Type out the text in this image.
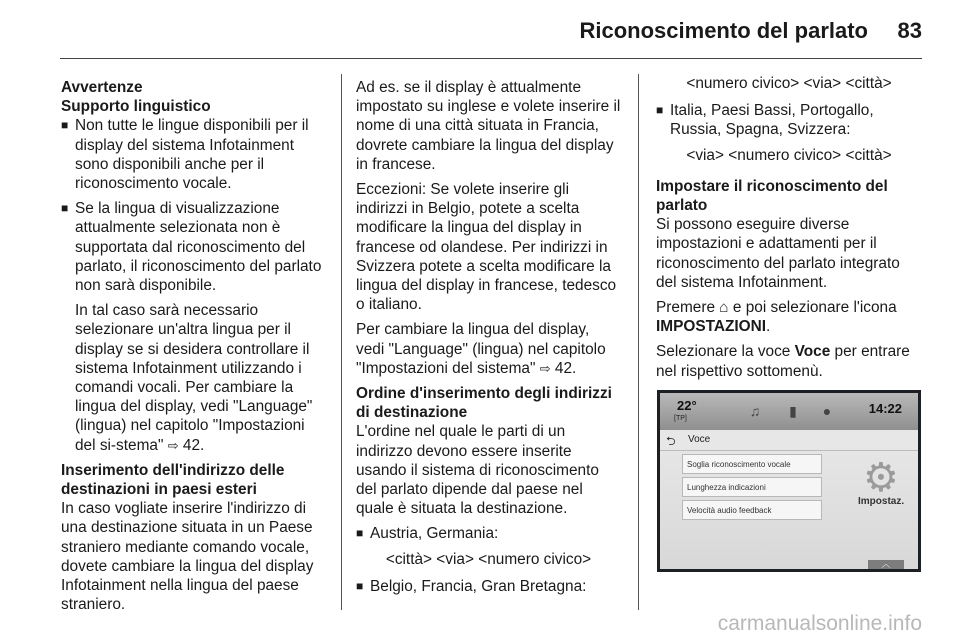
Riconoscimento del parlato 83
Avvertenze
Supporto linguistico
■ Non tutte le lingue disponibili per il display del sistema Infotainment sono disponibili anche per il riconoscimento vocale.
■ Se la lingua di visualizzazione attualmente selezionata non è supportata dal riconoscimento del parlato, il riconoscimento del parlato non sarà disponibile.
In tal caso sarà necessario selezionare un'altra lingua per il display se si desidera controllare il sistema Infotainment utilizzando i comandi vocali. Per cambiare la lingua del display, vedi "Language" (lingua) nel capitolo "Impostazioni del si-stema" ⇨ 42.
Inserimento dell'indirizzo delle destinazioni in paesi esteri

In caso vogliate inserire l'indirizzo di una destinazione situata in un Paese straniero mediante comando vocale, dovete cambiare la lingua del display Infotainment nella lingua del paese straniero.

Ad es. se il display è attualmente impostato su inglese e volete inserire il nome di una città situata in Francia, dovrete cambiare la lingua del display in francese.

Eccezioni: Se volete inserire gli indirizzi in Belgio, potete a scelta modificare la lingua del display in francese od olandese. Per indirizzi in Svizzera potete a scelta modificare la lingua del display in francese, tedesco o italiano.

Per cambiare la lingua del display, vedi "Language" (lingua) nel capitolo "Impostazioni del sistema" ⇨ 42.

Ordine d'inserimento degli indirizzi di destinazione

L'ordine nel quale le parti di un indirizzo devono essere inserite usando il sistema di riconoscimento del parlato dipende dal paese nel quale è situata la destinazione.

■ Austria, Germania:
<città> <via> <numero civico>
■ Belgio, Francia, Gran Bretagna:
<numero civico> <via> <città>
■ Italia, Paesi Bassi, Portogallo, Russia, Spagna, Svizzera:
<via> <numero civico> <città>
Impostare il riconoscimento del parlato

Si possono eseguire diverse impostazioni e adattamenti per il riconoscimento del parlato integrato del sistema Infotainment.

Premere ⌂ e poi selezionare l'icona IMPOSTAZIONI.

Selezionare la voce Voce per entrare nel rispettivo sottomenù.

22°
[TP]	♫	▮	●	14:22
⮌ Voce
Soglia riconoscimento vocale
Lunghezza indicazioni
Velocità audio feedback
⚙
Impostaz.
︿
carmanualsonline.info
